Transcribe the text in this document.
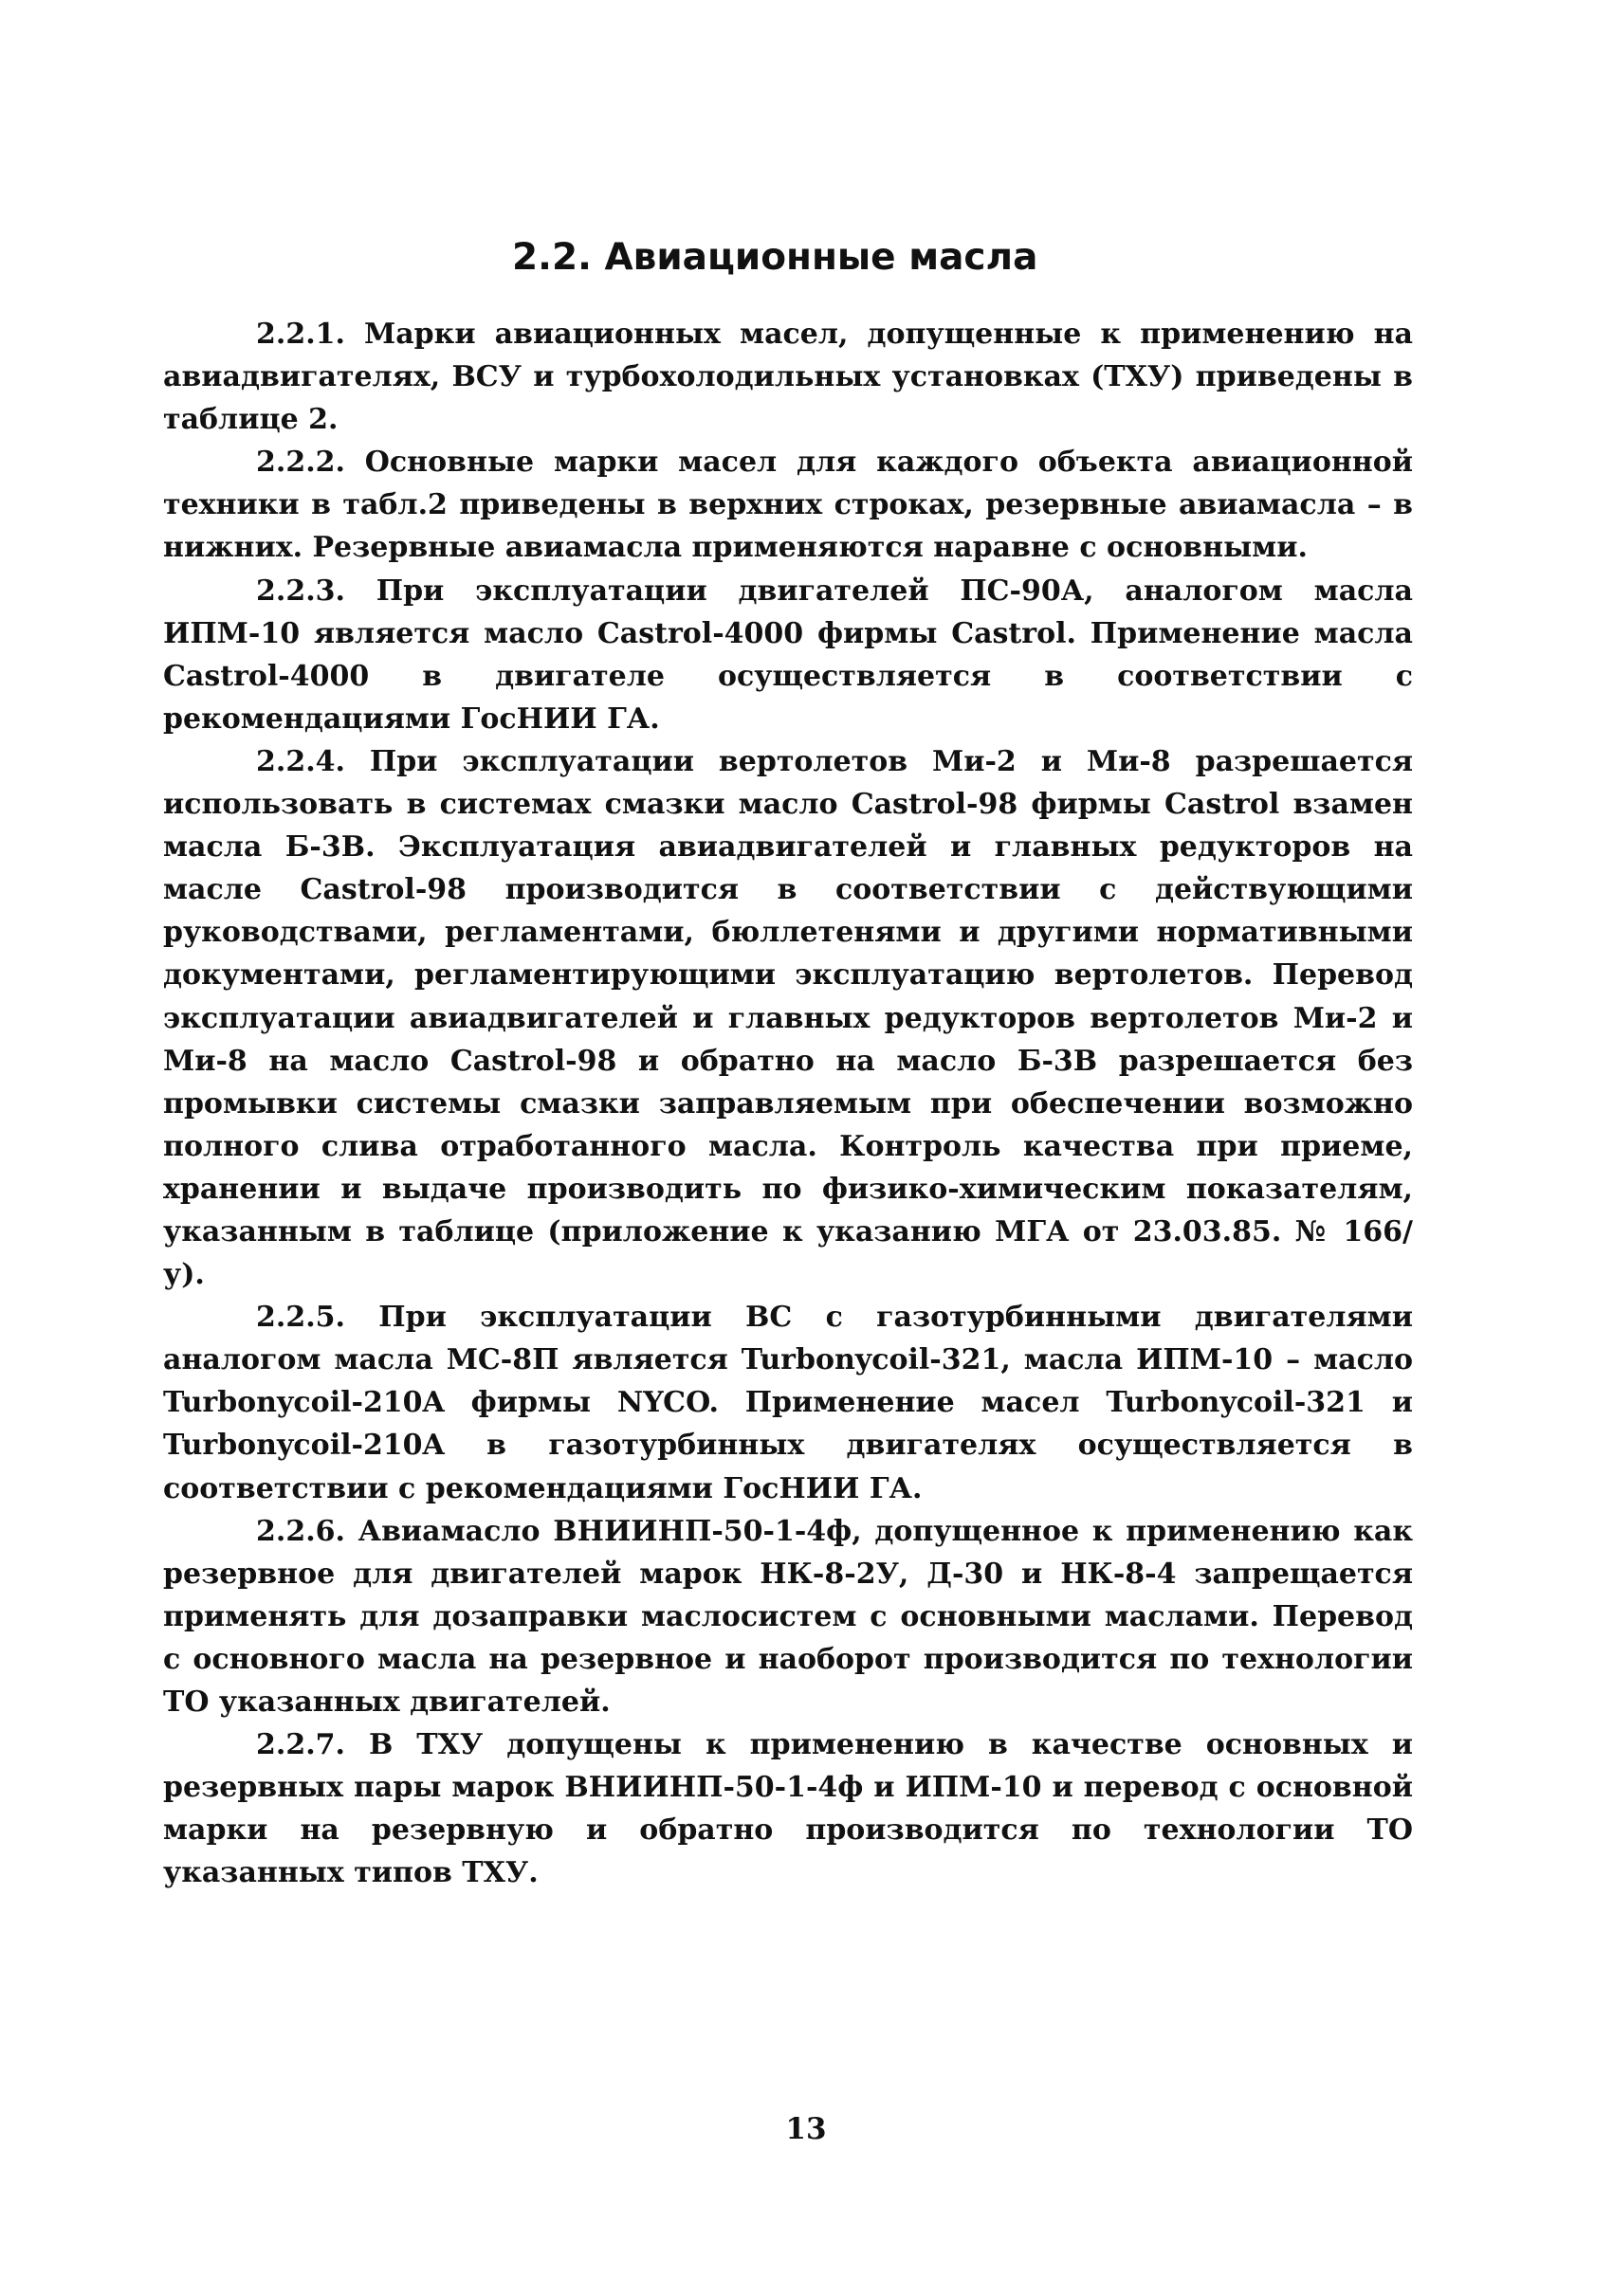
2.2. Авиационные масла

2.2.1. Марки авиационных масел, допущенные к применению на авиадвигателях, ВСУ и турбохолодильных установках (ТХУ) приведены в таблице 2.

2.2.2. Основные марки масел для каждого объекта авиационной техники в табл.2 приведены в верхних строках, резервные авиамасла – в нижних. Резервные авиамасла применяются наравне с основными.

2.2.3. При эксплуатации двигателей ПС-90А, аналогом масла ИПМ-10 является масло Castrol-4000 фирмы Castrol. Применение масла Castrol-4000 в двигателе осуществляется в соответствии с рекомендациями ГосНИИ ГА.

2.2.4. При эксплуатации вертолетов Ми-2 и Ми-8 разрешается использовать в системах смазки масло Castrol-98 фирмы Castrol взамен масла Б-3В. Эксплуатация авиадвигателей и главных редукторов на масле Castrol-98 производится в соответствии с действующими руководствами, регламентами, бюллетенями и другими нормативными документами, регламентирующими эксплуатацию вертолетов. Перевод эксплуатации авиадвигателей и главных редукторов вертолетов Ми-2 и Ми-8 на масло Castrol-98 и обратно на масло Б-3В разрешается без промывки системы смазки заправляемым при обеспечении возможно полного слива отработанного масла. Контроль качества при приеме, хранении и выдаче производить по физико-химическим показателям, указанным в таблице (приложение к указанию МГА от 23.03.85. № 166/у).

2.2.5. При эксплуатации ВС с газотурбинными двигателями аналогом масла МС-8П является Turbonycoil-321, масла ИПМ-10 – масло Turbonycoil-210A фирмы NYCO. Применение масел Turbonycoil-321 и Turbonycoil-210A в газотурбинных двигателях осуществляется в соответствии с рекомендациями ГосНИИ ГА.

2.2.6. Авиамасло ВНИИНП-50-1-4ф, допущенное к применению как резервное для двигателей марок НК-8-2У, Д-30 и НК-8-4 запрещается применять для дозаправки маслосистем с основными маслами. Перевод с основного масла на резервное и наоборот производится по технологии ТО указанных двигателей.

2.2.7. В ТХУ допущены к применению в качестве основных и резервных пары марок ВНИИНП-50-1-4ф и ИПМ-10 и перевод с основной марки на резервную и обратно производится по технологии ТО указанных типов ТХУ.

13
